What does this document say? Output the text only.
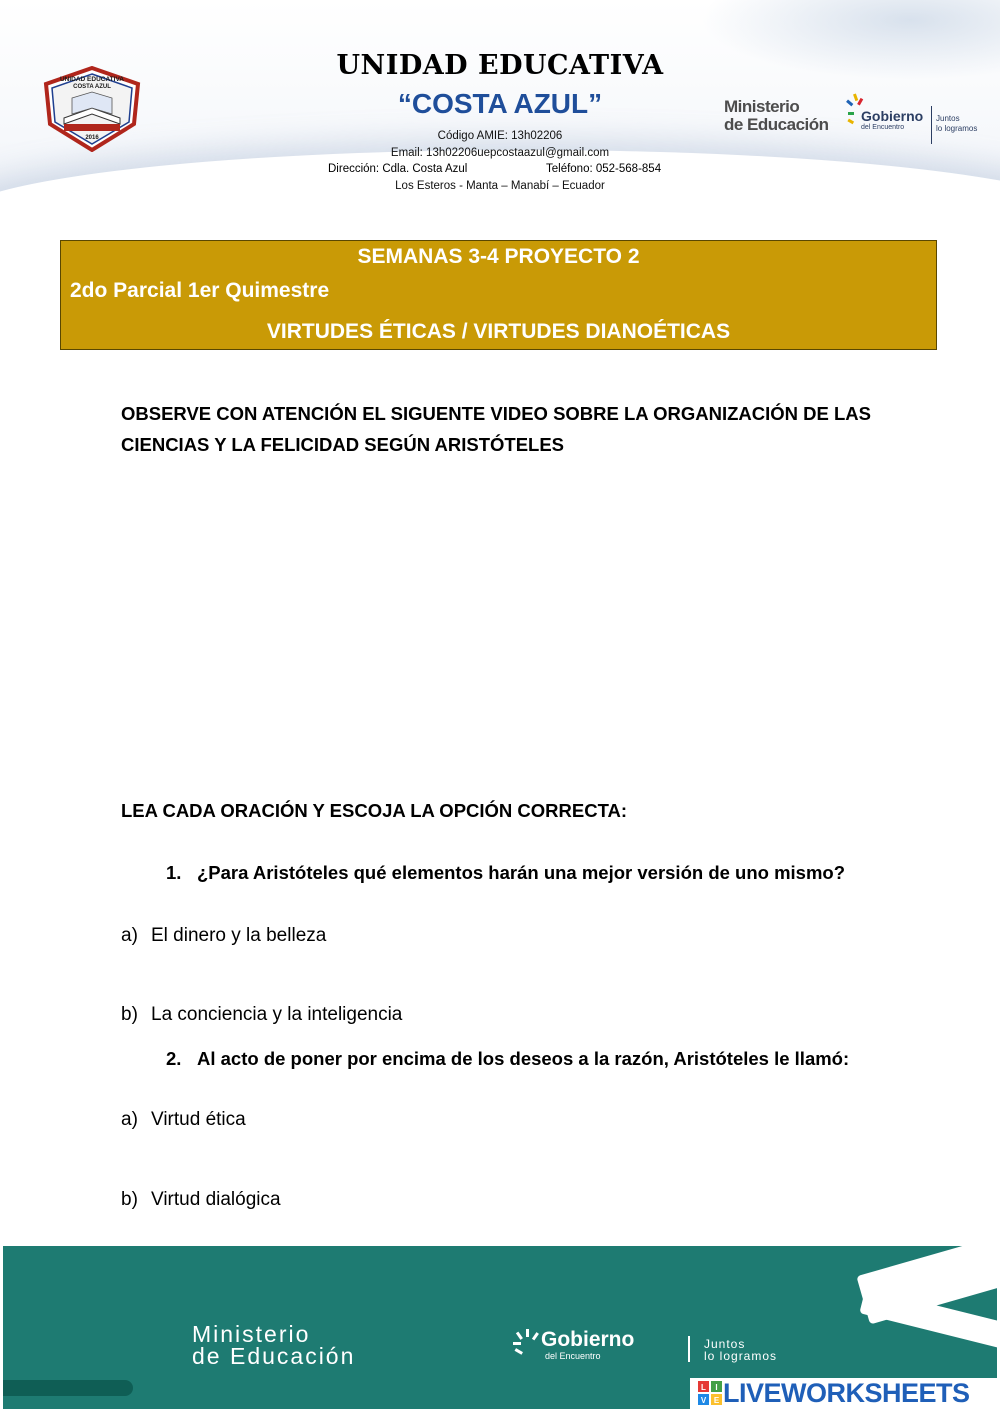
UNIDAD EDUCATIVA
COSTA AZUL
2016
UNIDAD EDUCATIVA
“COSTA AZUL”
Código AMIE: 13h02206
Email: 13h02206uepcostaazul@gmail.com
Dirección: Cdla. Costa Azul	Teléfono: 052-568-854
Los Esteros - Manta – Manabí – Ecuador
Ministerio
de Educación Gobierno
del Encuentro
Juntos
lo logramos
SEMANAS 3-4 PROYECTO 2
2do Parcial 1er Quimestre
VIRTUDES ÉTICAS / VIRTUDES DIANOÉTICAS
OBSERVE CON ATENCIÓN EL SIGUENTE VIDEO SOBRE LA ORGANIZACIÓN DE LAS
CIENCIAS Y LA FELICIDAD SEGÚN ARISTÓTELES
LEA CADA ORACIÓN Y ESCOJA LA OPCIÓN CORRECTA:
1. ¿Para Aristóteles qué elementos harán una mejor versión de uno mismo?
a) El dinero y la belleza
b) La conciencia y la inteligencia
2. Al acto de poner por encima de los deseos a la razón, Aristóteles le llamó:
a) Virtud ética
b) Virtud dialógica
Ministerio
de Educación
Gobierno
del Encuentro
Juntos
lo logramos
L I
V E LIVEWORKSHEETS
